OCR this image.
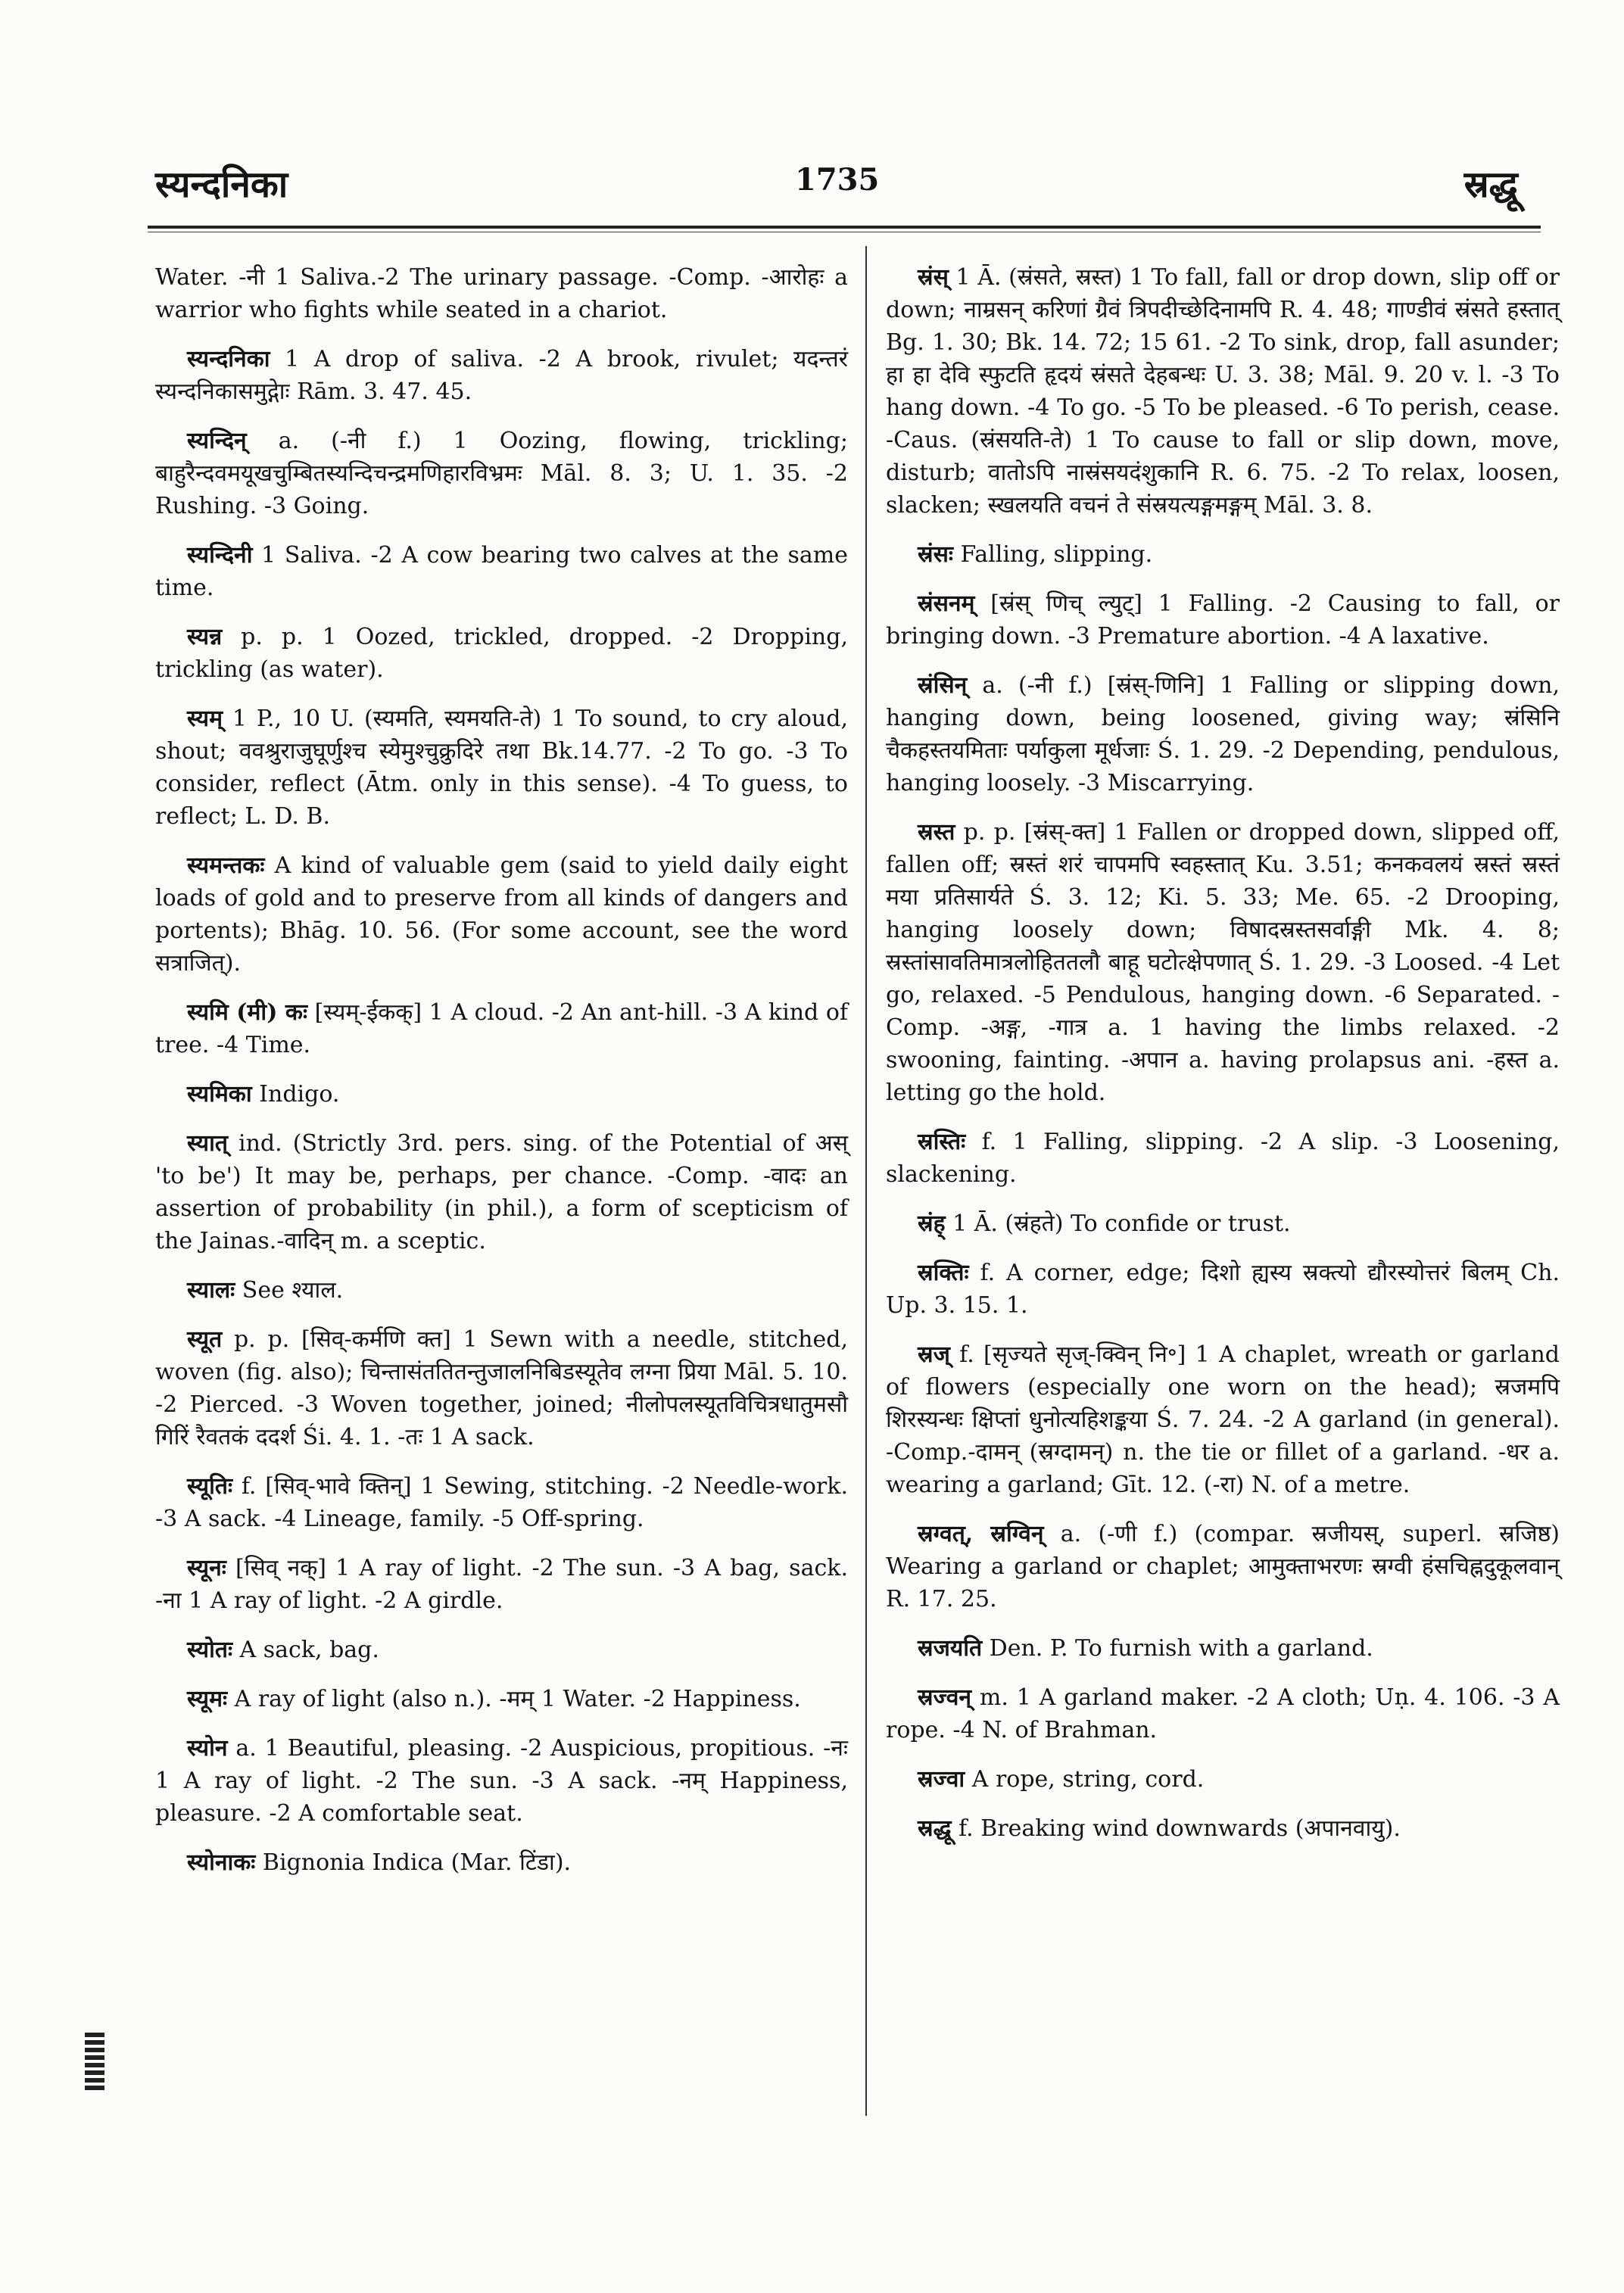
स्यन्दनिका	1735	स्रद्धू

Water. -नी 1 Saliva.-2 The urinary passage. -Comp. -आरोहः a warrior who fights while seated in a chariot.

स्यन्दनिका 1 A drop of saliva. -2 A brook, rivulet; यदन्तरं स्यन्दनिकासमुद्गेाः Rām. 3. 47. 45.

स्यन्दिन् a. (-नी f.) 1 Oozing, flowing, trickling; बाहुरैन्दवमयूखचुम्बितस्यन्दिचन्द्रमणिहारविभ्रमः Māl. 8. 3; U. 1. 35. -2 Rushing. -3 Going.

स्यन्दिनी 1 Saliva. -2 A cow bearing two calves at the same time.

स्यन्न p. p. 1 Oozed, trickled, dropped. -2 Dropping, trickling (as water).

स्यम् 1 P., 10 U. (स्यमति, स्यमयति-ते) 1 To sound, to cry aloud, shout; ववश्रुराजुघूर्णुश्च स्येमुश्चुक्रुदिरे तथा Bk.14.77. -2 To go. -3 To consider, reflect (Ātm. only in this sense). -4 To guess, to reflect; L. D. B.

स्यमन्तकः A kind of valuable gem (said to yield daily eight loads of gold and to preserve from all kinds of dangers and portents); Bhāg. 10. 56. (For some account, see the word सत्राजित्).

स्यमि (मी) कः [स्यम्-ईकक्] 1 A cloud. -2 An ant-hill. -3 A kind of tree. -4 Time.

स्यमिका Indigo.

स्यात् ind. (Strictly 3rd. pers. sing. of the Potential of अस् 'to be') It may be, perhaps, per chance. -Comp. -वादः an assertion of probability (in phil.), a form of scepticism of the Jainas.-वादिन् m. a sceptic.

स्यालः See श्याल.

स्यूत p. p. [सिव्-कर्मणि क्त] 1 Sewn with a needle, stitched, woven (fig. also); चिन्तासंततितन्तुजालनिबिडस्यूतेव लग्ना प्रिया Māl. 5. 10. -2 Pierced. -3 Woven together, joined; नीलोपलस्यूतविचित्रधातुमसौ गिरिं रैवतकं ददर्श Śi. 4. 1. -तः 1 A sack.

स्यूतिः f. [सिव्-भावे क्तिन्] 1 Sewing, stitching. -2 Needle-work. -3 A sack. -4 Lineage, family. -5 Off-spring.

स्यूनः [सिव् नक्] 1 A ray of light. -2 The sun. -3 A bag, sack. -ना 1 A ray of light. -2 A girdle.

स्योतः A sack, bag.

स्यूमः A ray of light (also n.). -मम् 1 Water. -2 Happiness.

स्योन a. 1 Beautiful, pleasing. -2 Auspicious, propitious. -नः 1 A ray of light. -2 The sun. -3 A sack. -नम् Happiness, pleasure. -2 A comfortable seat.

स्योनाकः Bignonia Indica (Mar. टिंडा).

स्रंस् 1 Ā. (स्रंसते, स्रस्त) 1 To fall, fall or drop down, slip off or down; नाम्रसन् करिणां ग्रैवं त्रिपदीच्छेदिनामपि R. 4. 48; गाण्डीवं स्रंसते हस्तात् Bg. 1. 30; Bk. 14. 72; 15 61. -2 To sink, drop, fall asunder; हा हा देवि स्फुटति हृदयं स्रंसते देहबन्धः U. 3. 38; Māl. 9. 20 v. l. -3 To hang down. -4 To go. -5 To be pleased. -6 To perish, cease. -Caus. (स्रंसयति-ते) 1 To cause to fall or slip down, move, disturb; वातोऽपि नास्रंसयदंशुकानि R. 6. 75. -2 To relax, loosen, slacken; स्खलयति वचनं ते संस्रयत्यङ्गमङ्गम् Māl. 3. 8.

स्रंसः Falling, slipping.

स्रंसनम् [स्रंस् णिच् ल्युट्] 1 Falling. -2 Causing to fall, or bringing down. -3 Premature abortion. -4 A laxative.

स्रंसिन् a. (-नी f.) [स्रंस्-णिनि] 1 Falling or slipping down, hanging down, being loosened, giving way; स्रंसिनि चैकहस्तयमिताः पर्याकुला मूर्धजाः Ś. 1. 29. -2 Depending, pendulous, hanging loosely. -3 Miscarrying.

स्रस्त p. p. [स्रंस्-क्त] 1 Fallen or dropped down, slipped off, fallen off; स्रस्तं शरं चापमपि स्वहस्तात् Ku. 3.51; कनकवलयं स्रस्तं स्रस्तं मया प्रतिसार्यते Ś. 3. 12; Ki. 5. 33; Me. 65. -2 Drooping, hanging loosely down; विषादस्रस्तसर्वाङ्गी Mk. 4. 8; स्रस्तांसावतिमात्रलोहिततलौ बाहू घटोत्क्षेपणात् Ś. 1. 29. -3 Loosed. -4 Let go, relaxed. -5 Pendulous, hanging down. -6 Separated. -Comp. -अङ्ग, -गात्र a. 1 having the limbs relaxed. -2 swooning, fainting. -अपान a. having prolapsus ani. -हस्त a. letting go the hold.

स्रस्तिः f. 1 Falling, slipping. -2 A slip. -3 Loosening, slackening.

स्रंह् 1 Ā. (स्रंहते) To confide or trust.

स्रक्तिः f. A corner, edge; दिशो ह्यस्य स्रक्त्यो द्यौरस्योत्तरं बिलम् Ch. Up. 3. 15. 1.

स्रज् f. [सृज्यते सृज्-क्विन् नि॰] 1 A chaplet, wreath or garland of flowers (especially one worn on the head); स्रजमपि शिरस्यन्धः क्षिप्तां धुनोत्यहिशङ्कया Ś. 7. 24. -2 A garland (in general). -Comp.-दामन् (स्रग्दामन्) n. the tie or fillet of a garland. -धर a. wearing a garland; Gīt. 12. (-रा) N. of a metre.

स्रग्वत्, स्रग्विन् a. (-णी f.) (compar. स्रजीयस्, superl. स्रजिष्ठ) Wearing a garland or chaplet; आमुक्ताभरणः स्रग्वी हंसचिह्नदुकूलवान् R. 17. 25.

स्रजयति Den. P. To furnish with a garland.

स्रज्वन् m. 1 A garland maker. -2 A cloth; Uṇ. 4. 106. -3 A rope. -4 N. of Brahman.

स्रज्वा A rope, string, cord.

स्रद्धू f. Breaking wind downwards (अपानवायु).
